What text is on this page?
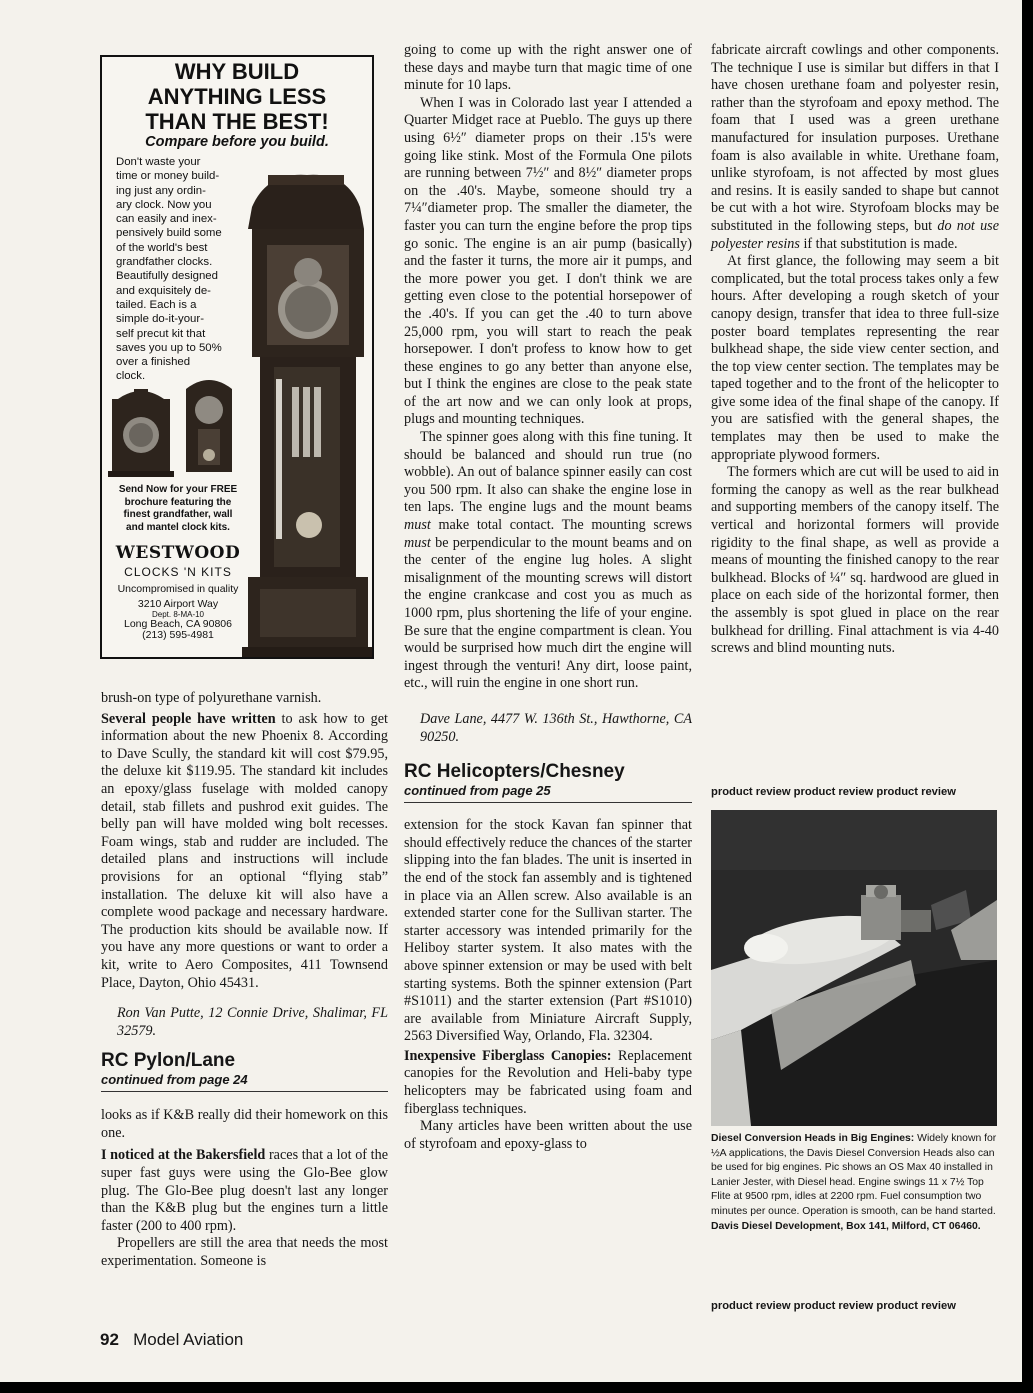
WHY BUILD
ANYTHING LESS
THAN THE BEST!
Compare before you build.
Don't waste your
time or money build-
ing just any ordin-
ary clock. Now you
can easily and inex-
pensively build some
of the world's best
grandfather clocks.
Beautifully designed
and exquisitely de-
tailed. Each is a
simple do-it-your-
self precut kit that
saves you up to 50%
over a finished
clock.
Send Now for your FREE
brochure featuring the
finest grandfather, wall
and mantel clock kits.
WESTWOOD
CLOCKS 'N KITS
Uncompromised in quality
3210 Airport Way
Dept. 8-MA-10
Long Beach, CA 90806
(213) 595-4981

brush-on type of polyurethane varnish.

Several people have written to ask how to get information about the new Phoenix 8. According to Dave Scully, the standard kit will cost $79.95, the deluxe kit $119.95. The standard kit includes an epoxy/glass fuselage with molded canopy detail, stab fillets and pushrod exit guides. The belly pan will have molded wing bolt recesses. Foam wings, stab and rudder are included. The detailed plans and instructions will include provisions for an optional “flying stab” installation. The deluxe kit will also have a complete wood package and necessary hardware. The production kits should be available now. If you have any more questions or want to order a kit, write to Aero Composites, 411 Townsend Place, Dayton, Ohio 45431.

Ron Van Putte, 12 Connie Drive, Shalimar, FL 32579.

RC Pylon/Lane

continued from page 24

looks as if K&B really did their homework on this one.

I noticed at the Bakersfield races that a lot of the super fast guys were using the Glo-Bee glow plug. The Glo-Bee plug doesn't last any longer than the K&B plug but the engines turn a little faster (200 to 400 rpm).

Propellers are still the area that needs the most experimentation. Someone is

going to come up with the right answer one of these days and maybe turn that magic time of one minute for 10 laps.

When I was in Colorado last year I attended a Quarter Midget race at Pueblo. The guys up there using 6½″ diameter props on their .15's were going like stink. Most of the Formula One pilots are running between 7½″ and 8½″ diameter props on the .40's. Maybe, someone should try a 7¼″diameter prop. The smaller the diameter, the faster you can turn the engine before the prop tips go sonic. The engine is an air pump (basically) and the faster it turns, the more air it pumps, and the more power you get. I don't think we are getting even close to the potential horsepower of the .40's. If you can get the .40 to turn above 25,000 rpm, you will start to reach the peak horsepower. I don't profess to know how to get these engines to go any better than anyone else, but I think the engines are close to the peak state of the art now and we can only look at props, plugs and mounting techniques.

The spinner goes along with this fine tuning. It should be balanced and should run true (no wobble). An out of balance spinner easily can cost you 500 rpm. It also can shake the engine lose in ten laps. The engine lugs and the mount beams must make total contact. The mounting screws must be perpendicular to the mount beams and on the center of the engine lug holes. A slight misalignment of the mounting screws will distort the engine crankcase and cost you as much as 1000 rpm, plus shortening the life of your engine. Be sure that the engine compartment is clean. You would be surprised how much dirt the engine will ingest through the venturi! Any dirt, loose paint, etc., will ruin the engine in one short run.

Dave Lane, 4477 W. 136th St., Hawthorne, CA 90250.

RC Helicopters/Chesney

continued from page 25

extension for the stock Kavan fan spinner that should effectively reduce the chances of the starter slipping into the fan blades. The unit is inserted in the end of the stock fan assembly and is tightened in place via an Allen screw. Also available is an extended starter cone for the Sullivan starter. The starter accessory was intended primarily for the Heliboy starter system. It also mates with the above spinner extension or may be used with belt starting systems. Both the spinner extension (Part #S1011) and the starter extension (Part #S1010) are available from Miniature Aircraft Supply, 2563 Diversified Way, Orlando, Fla. 32304.

Inexpensive Fiberglass Canopies: Replacement canopies for the Revolution and Heli-baby type helicopters may be fabricated using foam and fiberglass techniques.

Many articles have been written about the use of styrofoam and epoxy-glass to

fabricate aircraft cowlings and other components. The technique I use is similar but differs in that I have chosen urethane foam and polyester resin, rather than the styrofoam and epoxy method. The foam that I used was a green urethane manufactured for insulation purposes. Urethane foam is also available in white. Urethane foam, unlike styrofoam, is not affected by most glues and resins. It is easily sanded to shape but cannot be cut with a hot wire. Styrofoam blocks may be substituted in the following steps, but do not use polyester resins if that substitution is made.

At first glance, the following may seem a bit complicated, but the total process takes only a few hours. After developing a rough sketch of your canopy design, transfer that idea to three full-size poster board templates representing the rear bulkhead shape, the side view center section, and the top view center section. The templates may be taped together and to the front of the helicopter to give some idea of the final shape of the canopy. If you are satisfied with the general shapes, the templates may then be used to make the appropriate plywood formers.

The formers which are cut will be used to aid in forming the canopy as well as the rear bulkhead and supporting members of the canopy itself. The vertical and horizontal formers will provide rigidity to the final shape, as well as provide a means of mounting the finished canopy to the rear bulkhead. Blocks of ¼″ sq. hardwood are glued in place on each side of the horizontal former, then the assembly is spot glued in place on the rear bulkhead for drilling. Final attachment is via 4-40 screws and blind mounting nuts.

product review product review product review
Diesel Conversion Heads in Big Engines: Widely known for ½A applications, the Davis Diesel Conversion Heads also can be used for big engines. Pic shows an OS Max 40 installed in Lanier Jester, with Diesel head. Engine swings 11 x 7½ Top Flite at 9500 rpm, idles at 2200 rpm. Fuel consumption two minutes per ounce. Operation is smooth, can be hand started. Davis Diesel Development, Box 141, Milford, CT 06460.
product review product review product review
92 Model Aviation
